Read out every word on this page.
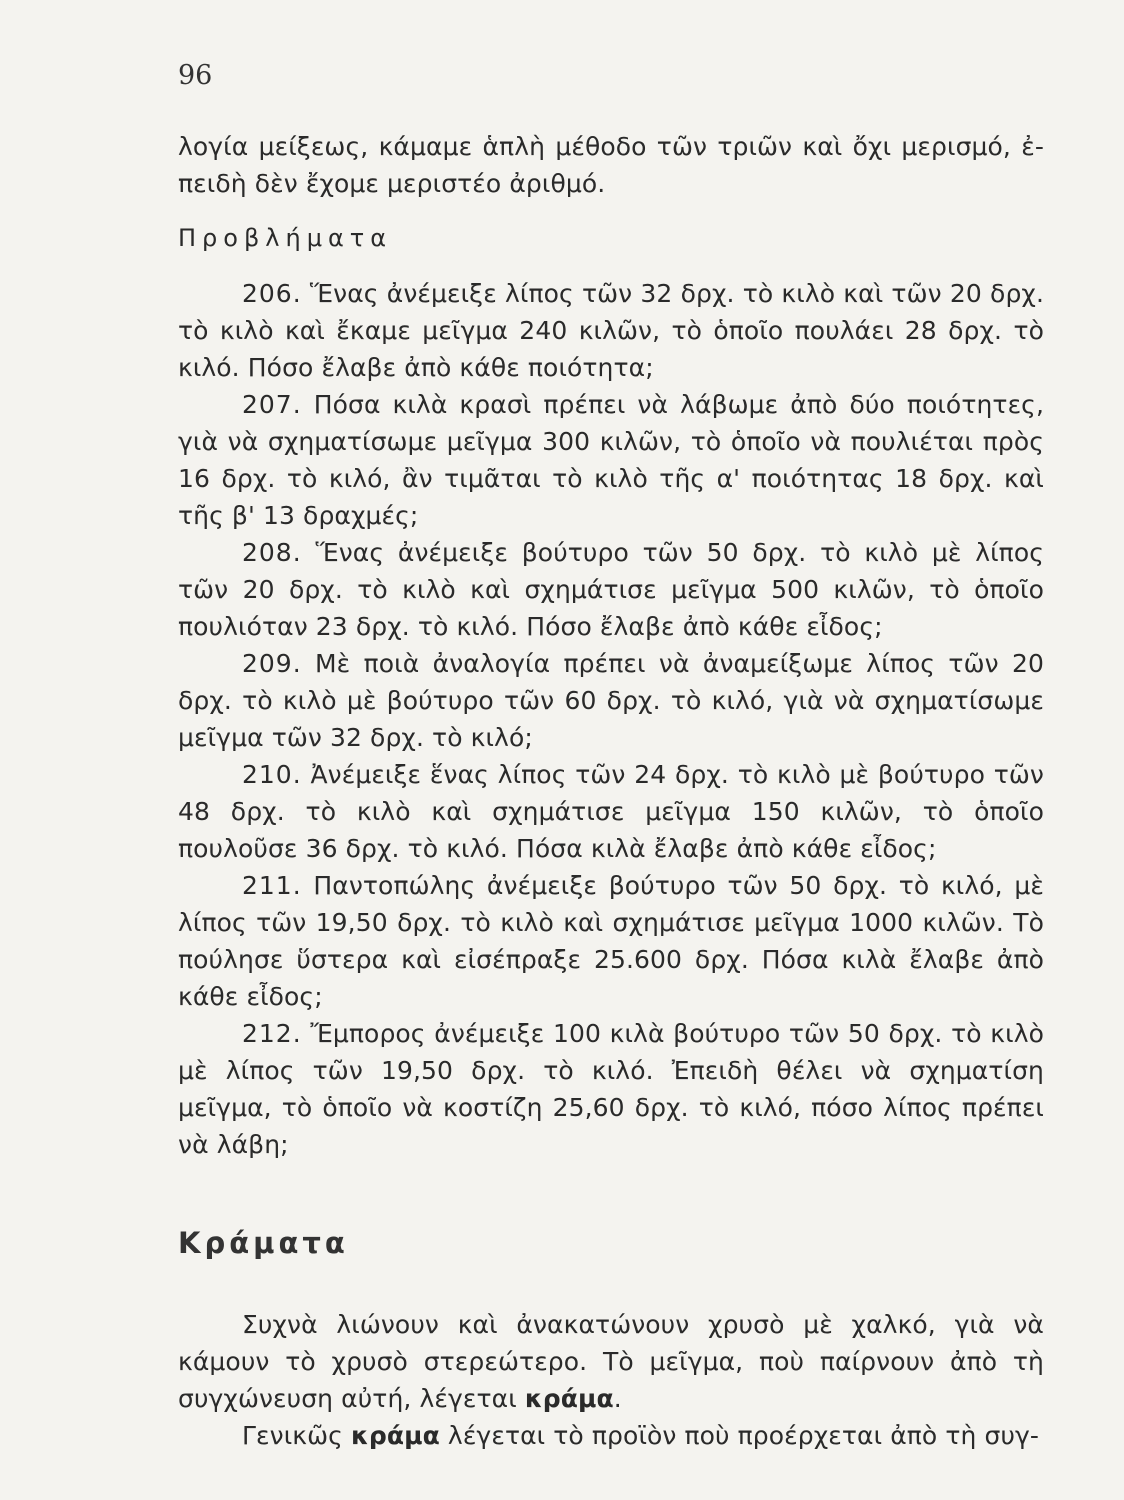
96

λογία μείξεως, κάμαμε ἁπλὴ μέθοδο τῶν τριῶν καὶ ὄχι μερισμό, ἐ-

πειδὴ δὲν ἔχομε μεριστέο ἀριθμό.

Προβλήματα

206. Ἕνας ἀνέμειξε λίπος τῶν 32 δρχ. τὸ κιλὸ καὶ τῶν 20 δρχ. τὸ κιλὸ καὶ ἔκαμε μεῖγμα 240 κιλῶν, τὸ ὁποῖο πουλάει 28 δρχ. τὸ κιλό. Πόσο ἔλαβε ἀπὸ κάθε ποιότητα;

207. Πόσα κιλὰ κρασὶ πρέπει νὰ λάβωμε ἀπὸ δύο ποιότητες, γιὰ νὰ σχηματίσωμε μεῖγμα 300 κιλῶν, τὸ ὁποῖο νὰ πουλιέται πρὸς 16 δρχ. τὸ κιλό, ἂν τιμᾶται τὸ κιλὸ τῆς α' ποιότητας 18 δρχ. καὶ τῆς β' 13 δραχμές;

208. Ἕνας ἀνέμειξε βούτυρο τῶν 50 δρχ. τὸ κιλὸ μὲ λίπος τῶν 20 δρχ. τὸ κιλὸ καὶ σχημάτισε μεῖγμα 500 κιλῶν, τὸ ὁποῖο πουλιόταν 23 δρχ. τὸ κιλό. Πόσο ἔλαβε ἀπὸ κάθε εἶδος;

209. Μὲ ποιὰ ἀναλογία πρέπει νὰ ἀναμείξωμε λίπος τῶν 20 δρχ. τὸ κιλὸ μὲ βούτυρο τῶν 60 δρχ. τὸ κιλό, γιὰ νὰ σχηματίσωμε μεῖγμα τῶν 32 δρχ. τὸ κιλό;

210. Ἀνέμειξε ἕνας λίπος τῶν 24 δρχ. τὸ κιλὸ μὲ βούτυρο τῶν 48 δρχ. τὸ κιλὸ καὶ σχημάτισε μεῖγμα 150 κιλῶν, τὸ ὁποῖο πουλοῦσε 36 δρχ. τὸ κιλό. Πόσα κιλὰ ἔλαβε ἀπὸ κάθε εἶδος;

211. Παντοπώλης ἀνέμειξε βούτυρο τῶν 50 δρχ. τὸ κιλό, μὲ λίπος τῶν 19,50 δρχ. τὸ κιλὸ καὶ σχημάτισε μεῖγμα 1000 κιλῶν. Τὸ πούλησε ὕστερα καὶ εἰσέπραξε 25.600 δρχ. Πόσα κιλὰ ἔλαβε ἀπὸ κάθε εἶδος;

212. Ἔμπορος ἀνέμειξε 100 κιλὰ βούτυρο τῶν 50 δρχ. τὸ κιλὸ μὲ λίπος τῶν 19,50 δρχ. τὸ κιλό. Ἐπειδὴ θέλει νὰ σχηματίση μεῖγμα, τὸ ὁποῖο νὰ κοστίζη 25,60 δρχ. τὸ κιλό, πόσο λίπος πρέπει νὰ λάβη;

Κράματα

Συχνὰ λιώνουν καὶ ἀνακατώνουν χρυσὸ μὲ χαλκό, γιὰ νὰ κάμουν τὸ χρυσὸ στερεώτερο. Τὸ μεῖγμα, ποὺ παίρνουν ἀπὸ τὴ συγχώνευση αὐτή, λέγεται κράμα.

Γενικῶς κράμα λέγεται τὸ προϊὸν ποὺ προέρχεται ἀπὸ τὴ συγ-
